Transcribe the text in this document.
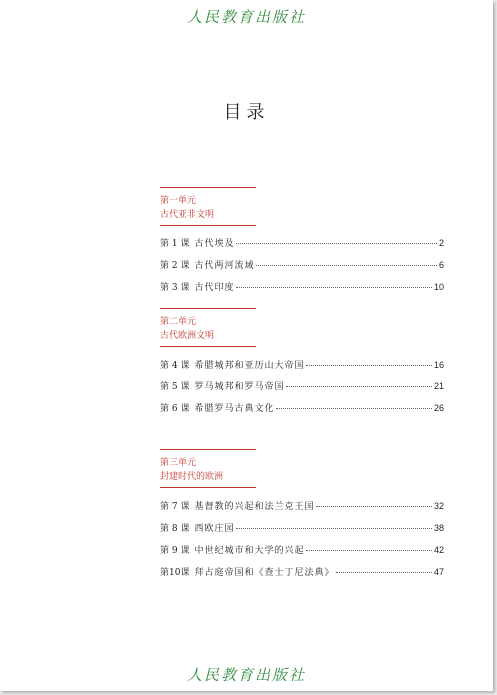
人民教育出版社
目录
第一单元
古代亚非文明
第 1 课 古代埃及	2
第 2 课 古代两河流域	6
第 3 课 古代印度	10
第二单元
古代欧洲文明
第 4 课 希腊城邦和亚历山大帝国	16
第 5 课 罗马城邦和罗马帝国	21
第 6 课 希腊罗马古典文化	26
第三单元
封建时代的欧洲
第 7 课 基督教的兴起和法兰克王国	32
第 8 课 西欧庄园	38
第 9 课 中世纪城市和大学的兴起	42
第10课 拜占庭帝国和《查士丁尼法典》	47
人民教育出版社
